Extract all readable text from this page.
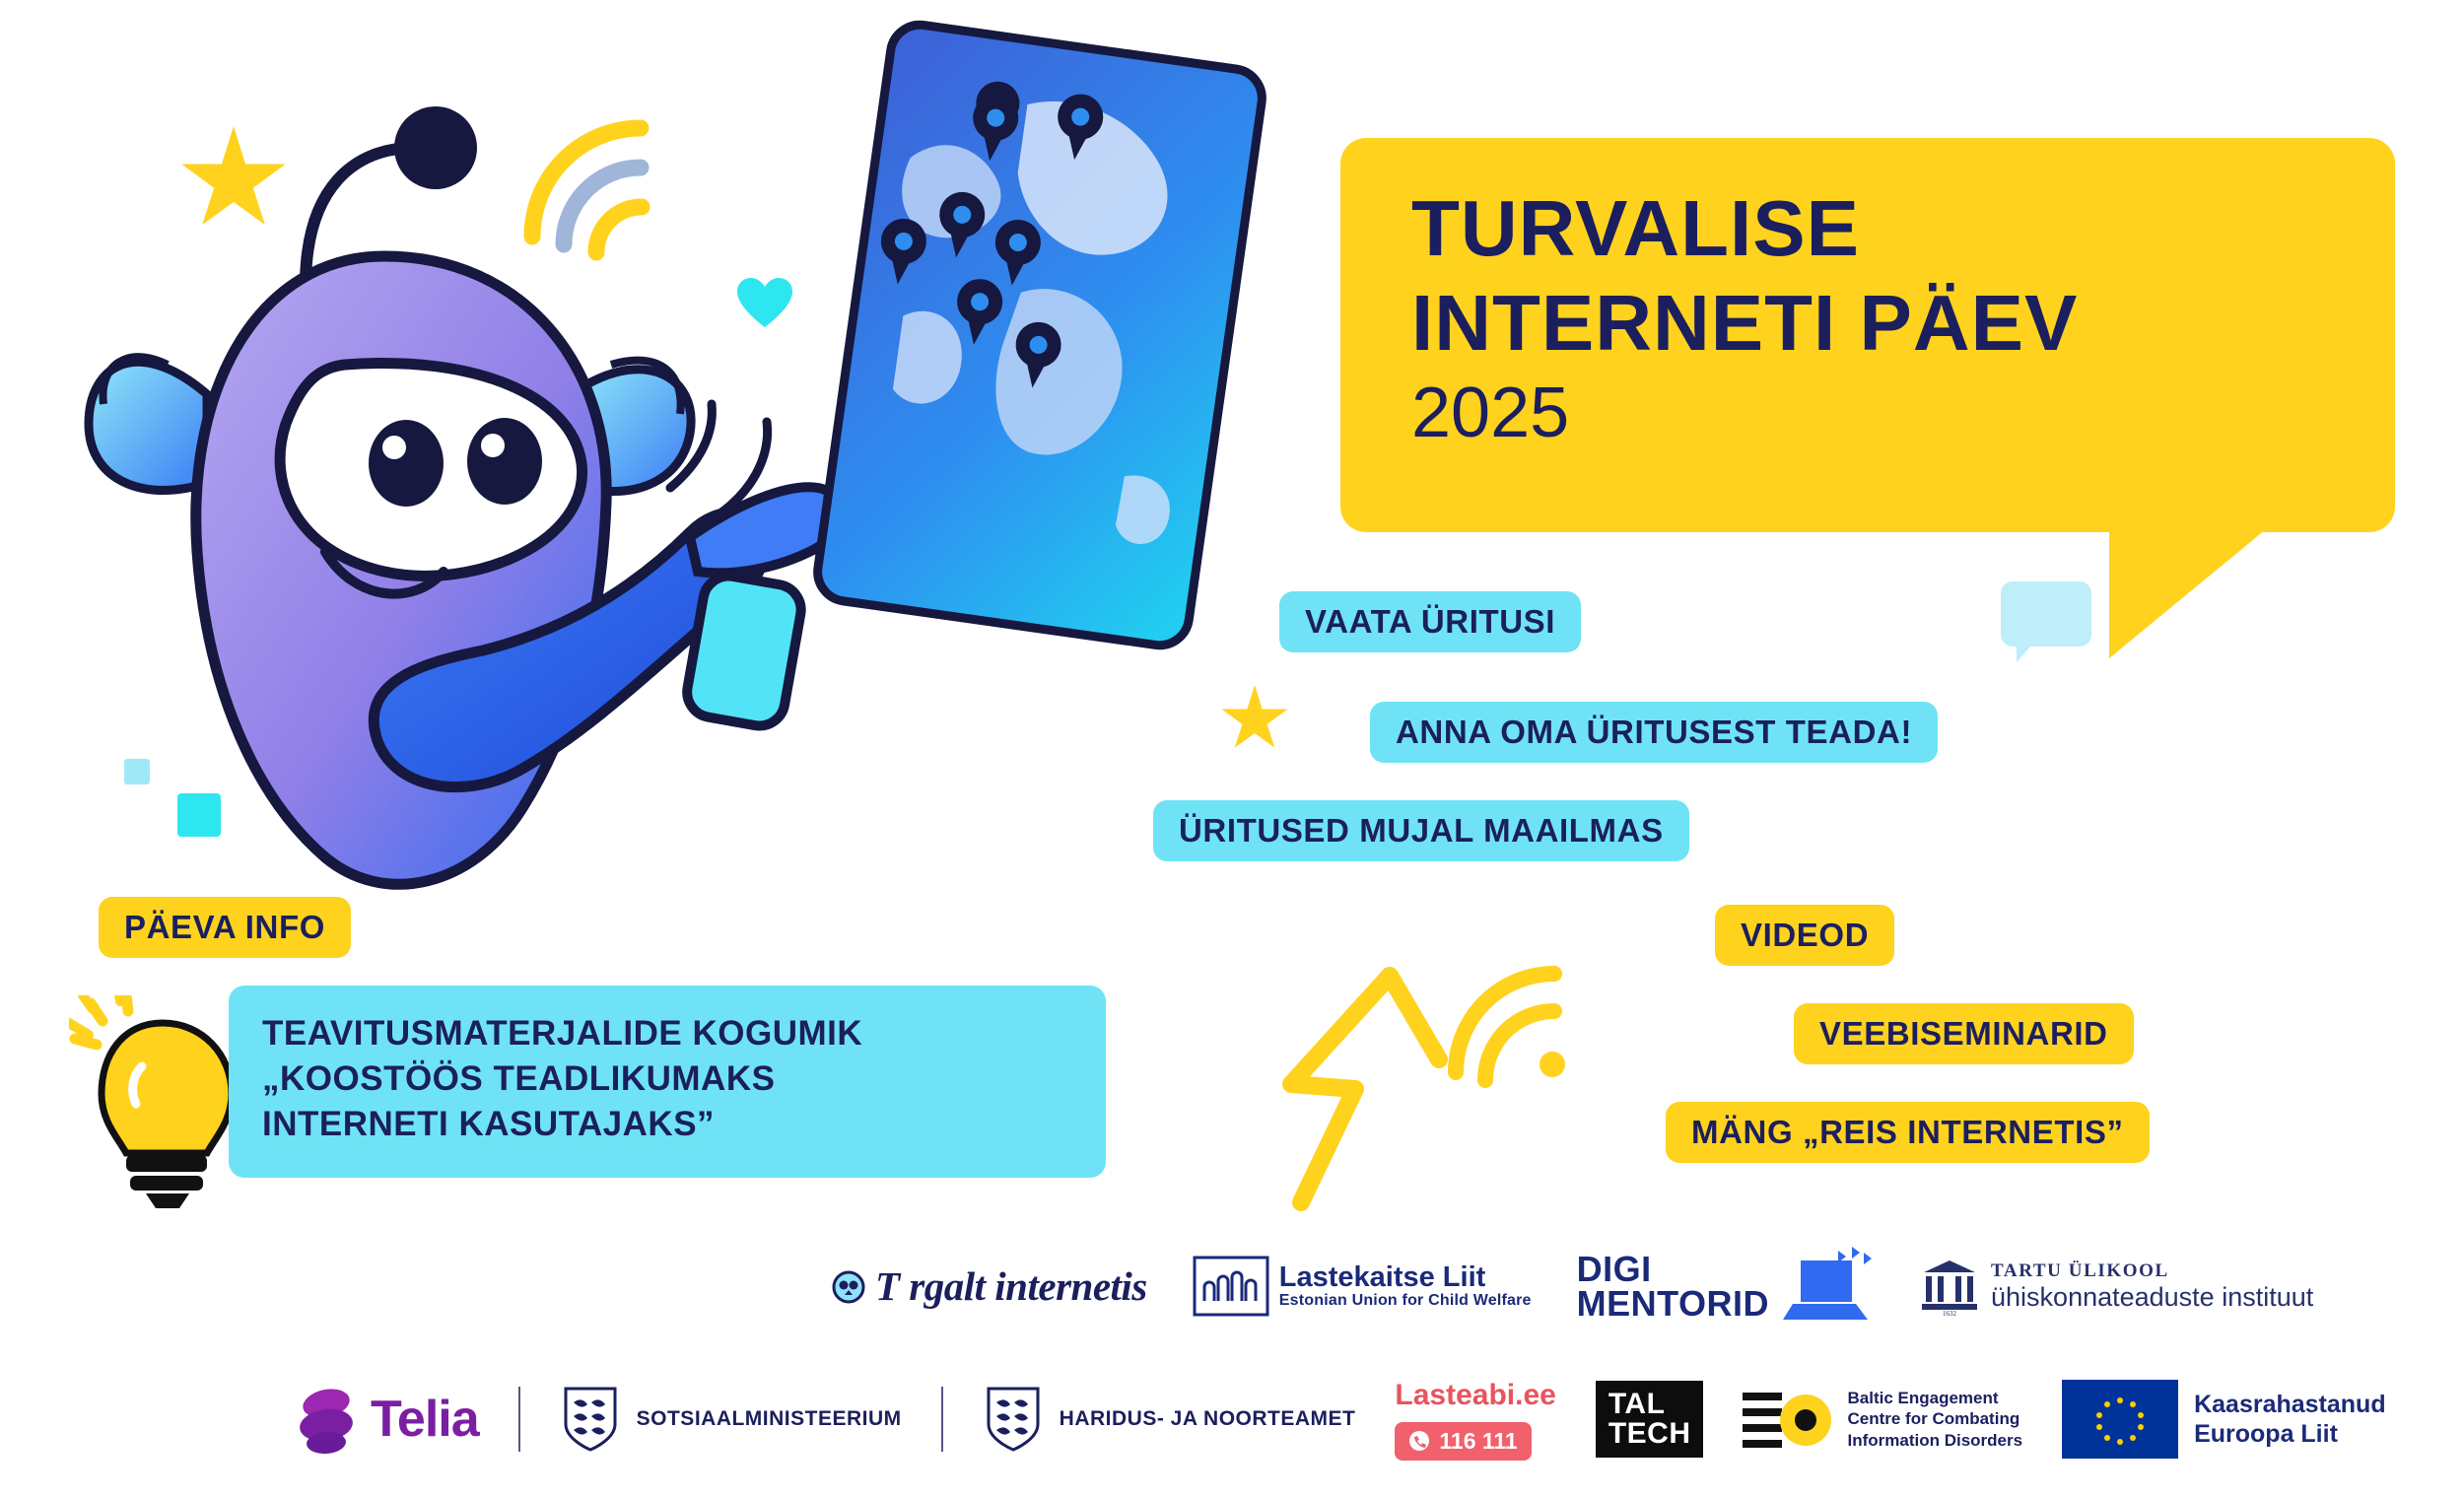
TURVALISE
INTERNETI PÄEV
2025
VAATA ÜRITUSI
ANNA OMA ÜRITUSEST TEADA!
ÜRITUSED MUJAL MAAILMAS
VIDEOD
VEEBISEMINARID
MÄNG „REIS INTERNETIS”
PÄEVA INFO
TEAVITUSMATERJALIDE KOGUMIK
„KOOSTÖÖS TEADLIKUMAKS
INTERNETI KASUTAJAKS”
T rgalt internetis	Lastekaitse Liit
Estonian Union for Child Welfare
DIGI
MENTORID	1632
TARTU ÜLIKOOL
ühiskonnateaduste instituut
Telia	SOTSIAALMINISTEERIUM	HARIDUS- JA NOORTEAMET
Lasteabi.ee
116 111
TAL
TECH
Baltic Engagement
Centre for Combating
Information Disorders
Kaasrahastanud
Euroopa Liit
